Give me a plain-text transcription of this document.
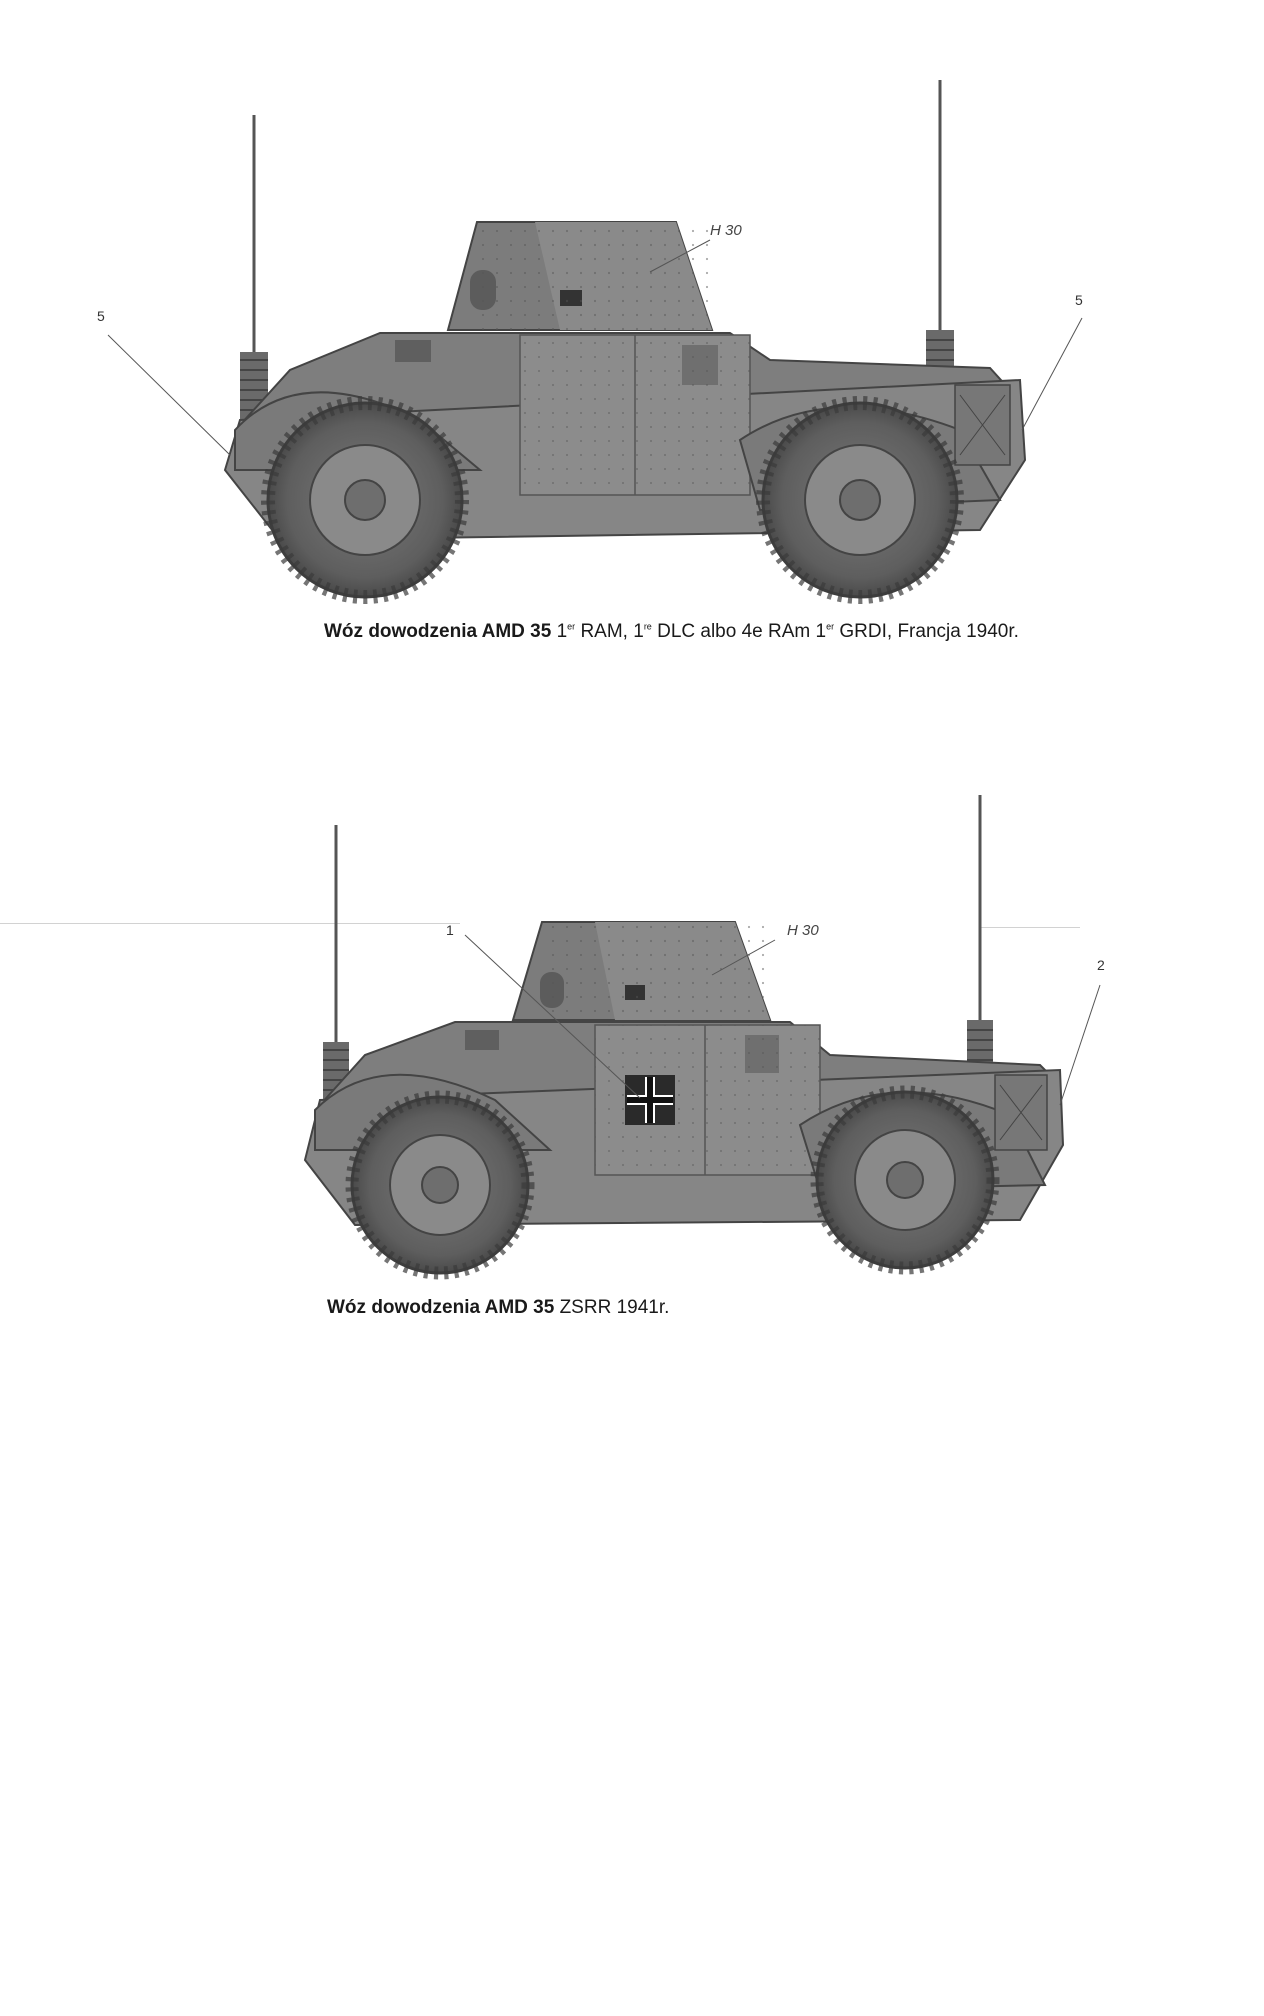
5
H 30
5
Wóz dowodzenia AMD 35 1er RAM, 1re DLC albo 4e RAm 1er GRDI, Francja 1940r.
1	H 30
2
Wóz dowodzenia AMD 35 ZSRR 1941r.
